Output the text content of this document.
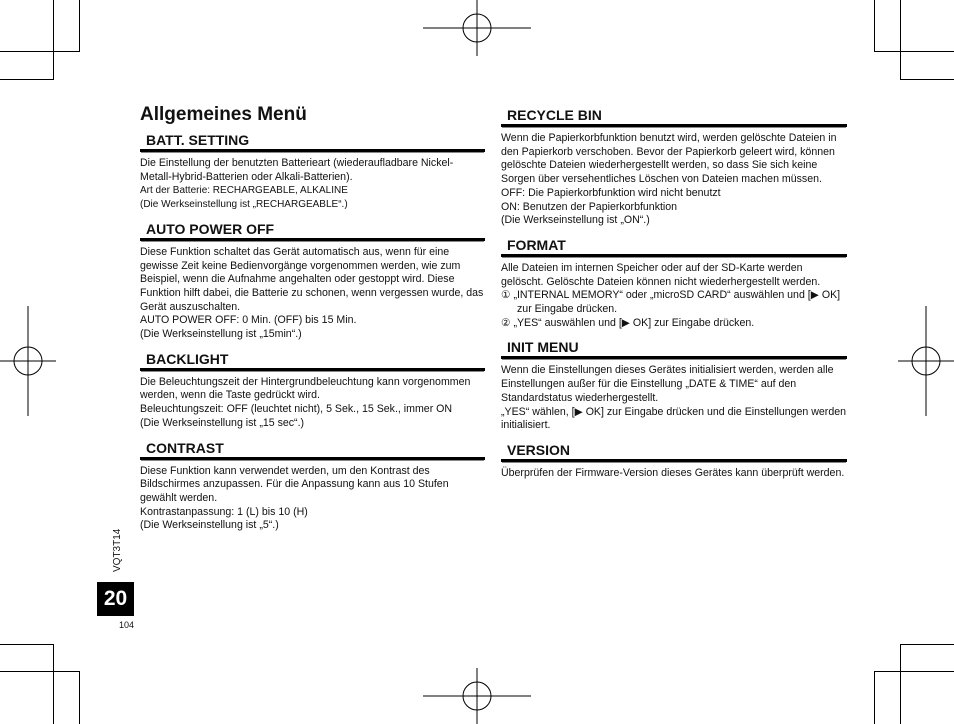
Allgemeines Menü
BATT. SETTING
Die Einstellung der benutzten Batterieart (wiederaufladbare Nickel-Metall-Hybrid-Batterien oder Alkali-Batterien).
Art der Batterie: RECHARGEABLE, ALKALINE
(Die Werkseinstellung ist „RECHARGEABLE“.)
AUTO POWER OFF
Diese Funktion schaltet das Gerät automatisch aus, wenn für eine gewisse Zeit keine Bedienvorgänge vorgenommen werden, wie zum Beispiel, wenn die Aufnahme angehalten oder gestoppt wird. Diese Funktion hilft dabei, die Batterie zu schonen, wenn vergessen wurde, das Gerät auszuschalten.
AUTO POWER OFF: 0 Min. (OFF) bis 15 Min.
(Die Werkseinstellung ist „15min“.)
BACKLIGHT
Die Beleuchtungszeit der Hintergrundbeleuchtung kann vorgenommen werden, wenn die Taste gedrückt wird.
Beleuchtungszeit: OFF (leuchtet nicht), 5 Sek., 15 Sek., immer ON
(Die Werkseinstellung ist „15 sec“.)
CONTRAST
Diese Funktion kann verwendet werden, um den Kontrast des Bildschirmes anzupassen. Für die Anpassung kann aus 10 Stufen gewählt werden.
Kontrastanpassung: 1 (L) bis 10 (H)
(Die Werkseinstellung ist „5“.)
RECYCLE BIN
Wenn die Papierkorbfunktion benutzt wird, werden gelöschte Dateien in den Papierkorb verschoben. Bevor der Papierkorb geleert wird, können gelöschte Dateien wiederhergestellt werden, so dass Sie sich keine Sorgen über versehentliches Löschen von Dateien machen müssen.
OFF: Die Papierkorbfunktion wird nicht benutzt
ON: Benutzen der Papierkorbfunktion
(Die Werkseinstellung ist „ON“.)
FORMAT
Alle Dateien im internen Speicher oder auf der SD-Karte werden gelöscht. Gelöschte Dateien können nicht wiederhergestellt werden.
① „INTERNAL MEMORY“ oder „microSD CARD“ auswählen und [▶ OK] zur Eingabe drücken.
② „YES“ auswählen und [▶ OK] zur Eingabe drücken.
INIT MENU
Wenn die Einstellungen dieses Gerätes initialisiert werden, werden alle Einstellungen außer für die Einstellung „DATE & TIME“ auf den Standardstatus wiederhergestellt.
„YES“ wählen, [▶ OK] zur Eingabe drücken und die Einstellungen werden initialisiert.
VERSION
Überprüfen der Firmware-Version dieses Gerätes kann überprüft werden.
VQT3T14
20
104
